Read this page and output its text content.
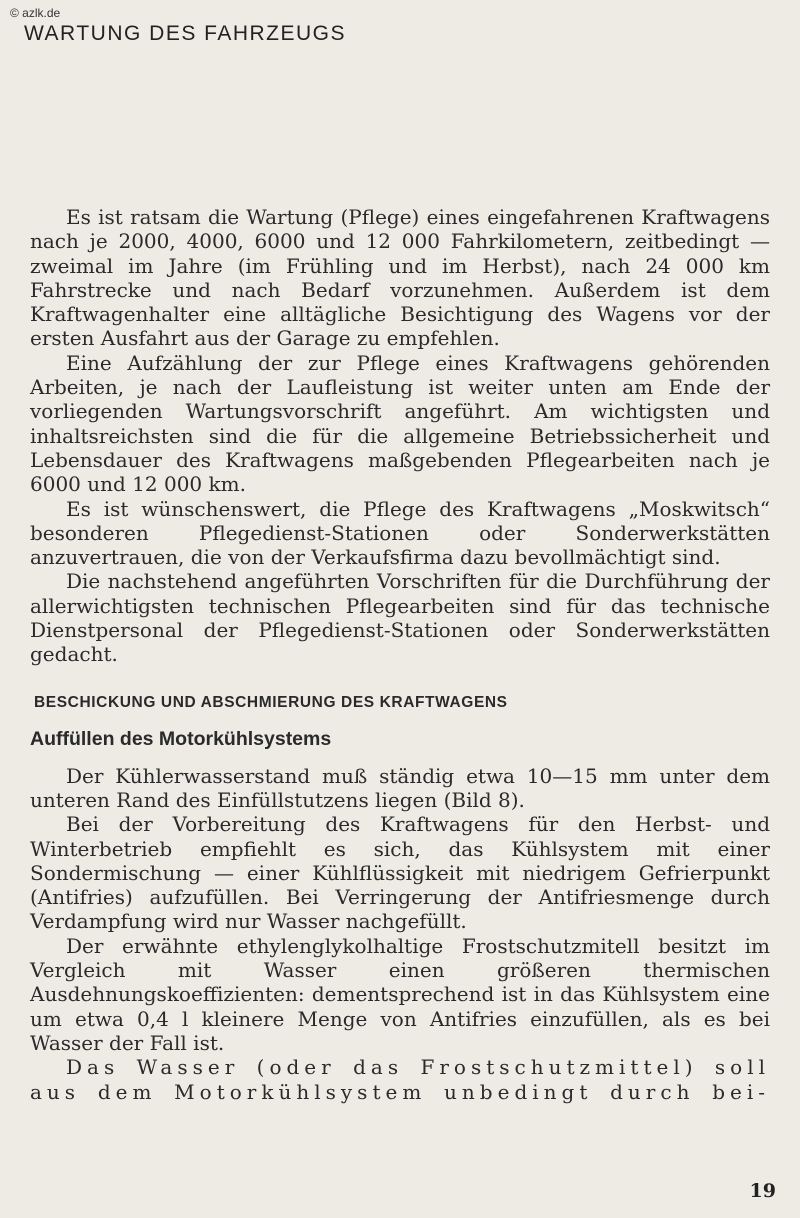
© azlk.de
WARTUNG DES FAHRZEUGS

Es ist ratsam die Wartung (Pflege) eines eingefahrenen Kraftwagens nach je 2000, 4000, 6000 und 12 000 Fahrkilometern, zeitbedingt — zweimal im Jahre (im Frühling und im Herbst), nach 24 000 km Fahrstrecke und nach Bedarf vorzunehmen. Außerdem ist dem Kraftwagenhalter eine alltägliche Besichtigung des Wagens vor der ersten Ausfahrt aus der Garage zu empfehlen.

Eine Aufzählung der zur Pflege eines Kraftwagens gehörenden Arbeiten, je nach der Laufleistung ist weiter unten am Ende der vorliegenden Wartungsvorschrift angeführt. Am wichtigsten und inhaltsreichsten sind die für die allgemeine Betriebssicherheit und Lebensdauer des Kraftwagens maßgebenden Pflegearbeiten nach je 6000 und 12 000 km.

Es ist wünschenswert, die Pflege des Kraftwagens „Moskwitsch“ besonderen Pflegedienst-Stationen oder Sonderwerkstätten anzuvertrauen, die von der Verkaufsfirma dazu bevollmächtigt sind.

Die nachstehend angeführten Vorschriften für die Durchführung der allerwichtigsten technischen Pflegearbeiten sind für das technische Dienstpersonal der Pflegedienst-Stationen oder Sonderwerkstätten gedacht.

BESCHICKUNG UND ABSCHMIERUNG DES KRAFTWAGENS
Auffüllen des Motorkühlsystems

Der Kühlerwasserstand muß ständig etwa 10—15 mm unter dem unteren Rand des Einfüllstutzens liegen (Bild 8).

Bei der Vorbereitung des Kraftwagens für den Herbst- und Winterbetrieb empfiehlt es sich, das Kühlsystem mit einer Sondermischung — einer Kühlflüssigkeit mit niedrigem Gefrierpunkt (Antifries) aufzufüllen. Bei Verringerung der Antifriesmenge durch Verdampfung wird nur Wasser nachgefüllt.

Der erwähnte ethylenglykolhaltige Frostschutzmitell besitzt im Vergleich mit Wasser einen größeren thermischen Ausdehnungskoeffizienten: dementsprechend ist in das Kühlsystem eine um etwa 0,4 l kleinere Menge von Antifries einzufüllen, als es bei Wasser der Fall ist.

Das Wasser (oder das Frostschutzmittel) soll aus dem Motorkühlsystem unbedingt durch bei-

19
